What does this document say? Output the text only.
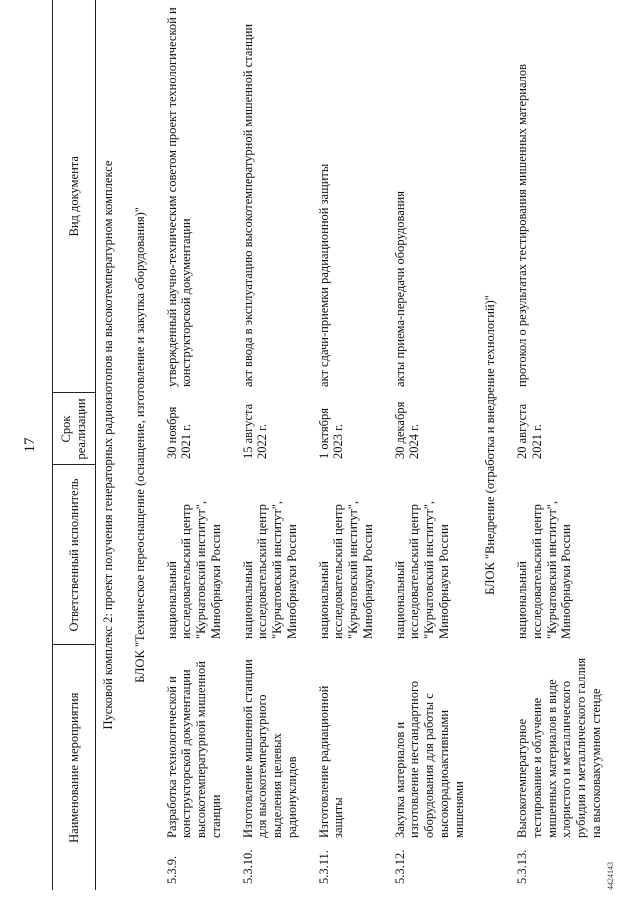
17
Наименование мероприятия		Ответственный исполнитель	Срок реализации	Вид документа
Пусковой комплекс 2: проект получения генераторных радиоизотопов на высокотемпературном комплексе				
БЛОК "Техническое переоснащение (оснащение, изготовление и закупка оборудования)"				
5.3.9.	Разработка технологической и конструкторской документации высокотемпературной мишенной станции	национальный исследовательский центр "Курчатовский институт", Минобрнауки России	30 ноября 2021 г.	утвержденный научно-техническим советом проект технологической и конструкторской документации
5.3.10.	Изготовление мишенной станции для высокотемпературного выделения целевых радионуклидов	национальный исследовательский центр "Курчатовский институт", Минобрнауки России	15 августа 2022 г.	акт ввода в эксплуатацию высокотемпературной мишенной станции
5.3.11.	Изготовление радиационной защиты	национальный исследовательский центр "Курчатовский институт", Минобрнауки России	1 октября 2023 г.	акт сдачи-приемки радиационной защиты
5.3.12.	Закупка материалов и изготовление нестандартного оборудования для работы с высокорадиоактивными мишенями	национальный исследовательский центр "Курчатовский институт", Минобрнауки России	30 декабря 2024 г.	акты приема-передачи оборудования
БЛОК "Внедрение (отработка и внедрение технологий)"				
5.3.13.	Высокотемпературное тестирование и облучение мишенных материалов в виде хлористого и металлического рубидия и металлического галлия на высоковакуумном стенде	национальный исследовательский центр "Курчатовский институт", Минобрнауки России	20 августа 2021 г.	протокол о результатах тестирования мишенных материалов
4424143
